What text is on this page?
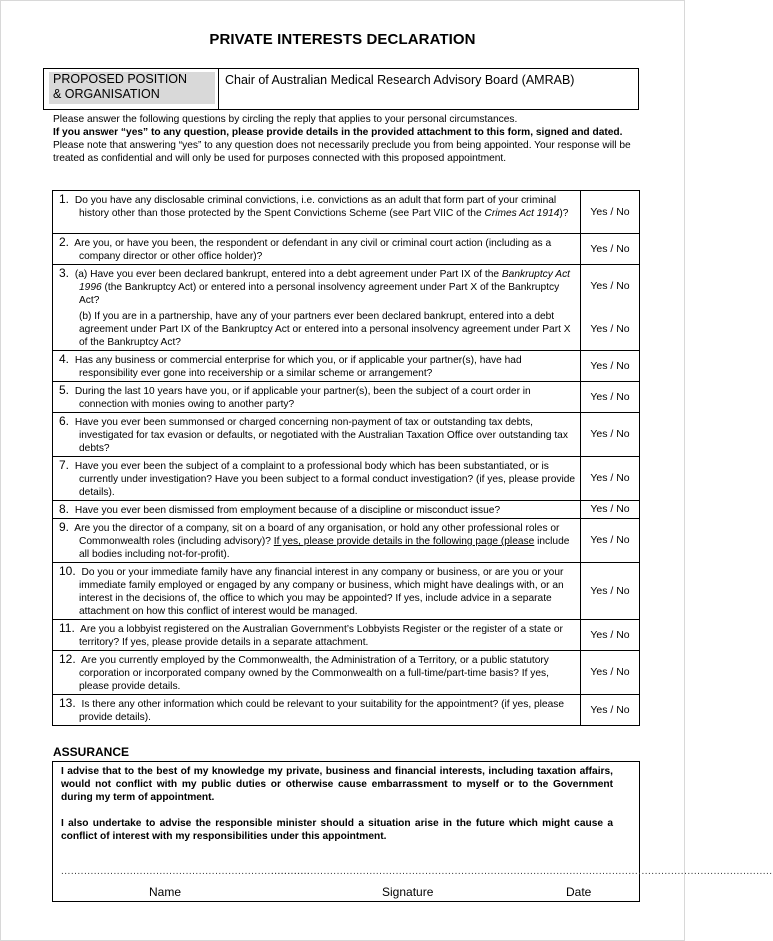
PRIVATE INTERESTS DECLARATION
PROPOSED POSITION
& ORGANISATION
Chair of Australian Medical Research Advisory Board (AMRAB)
Please answer the following questions by circling the reply that applies to your personal circumstances.
If you answer “yes” to any question, please provide details in the provided attachment to this form, signed and dated. Please note that answering “yes” to any question does not necessarily preclude you from being appointed. Your response will be treated as confidential and will only be used for purposes connected with this proposed appointment.
1. Do you have any disclosable criminal convictions, i.e. convictions as an adult that form part of your criminal history other than those protected by the Spent Convictions Scheme (see Part VIIC of the Crimes Act 1914)?	Yes / No

2. Are you, or have you been, the respondent or defendant in any civil or criminal court action (including as a company director or other office holder)?	Yes / No

3. (a) Have you ever been declared bankrupt, entered into a debt agreement under Part IX of the Bankruptcy Act 1996 (the Bankruptcy Act) or entered into a personal insolvency agreement under Part X of the Bankruptcy Act?	Yes / No

(b) If you are in a partnership, have any of your partners ever been declared bankrupt, entered into a debt agreement under Part IX of the Bankruptcy Act or entered into a personal insolvency agreement under Part X of the Bankruptcy Act?	Yes / No

4. Has any business or commercial enterprise for which you, or if applicable your partner(s), have had responsibility ever gone into receivership or a similar scheme or arrangement?	Yes / No

5. During the last 10 years have you, or if applicable your partner(s), been the subject of a court order in connection with monies owing to another party?	Yes / No

6. Have you ever been summonsed or charged concerning non-payment of tax or outstanding tax debts, investigated for tax evasion or defaults, or negotiated with the Australian Taxation Office over outstanding tax debts?	Yes / No

7. Have you ever been the subject of a complaint to a professional body which has been substantiated, or is currently under investigation? Have you been subject to a formal conduct investigation? (if yes, please provide details).	Yes / No

8. Have you ever been dismissed from employment because of a discipline or misconduct issue?	Yes / No

9. Are you the director of a company, sit on a board of any organisation, or hold any other professional roles or Commonwealth roles (including advisory)? If yes, please provide details in the following page (please include all bodies including not-for-profit).	Yes / No

10. Do you or your immediate family have any financial interest in any company or business, or are you or your immediate family employed or engaged by any company or business, which might have dealings with, or an interest in the decisions of, the office to which you may be appointed? If yes, include advice in a separate attachment on how this conflict of interest would be managed.	Yes / No

11. Are you a lobbyist registered on the Australian Government’s Lobbyists Register or the register of a state or territory? If yes, please provide details in a separate attachment.	Yes / No

12. Are you currently employed by the Commonwealth, the Administration of a Territory, or a public statutory corporation or incorporated company owned by the Commonwealth on a full-time/part-time basis? If yes, please provide details.	Yes / No

13. Is there any other information which could be relevant to your suitability for the appointment? (if yes, please provide details).	Yes / No
ASSURANCE
I advise that to the best of my knowledge my private, business and financial interests, including taxation affairs, would not conflict with my public duties or otherwise cause embarrassment to myself or to the Government during my term of appointment.
I also undertake to advise the responsible minister should a situation arise in the future which might cause a conflict of interest with my responsibilities under this appointment.
............................................................................
.........................................................................................................................................................
Name	Signature	Date
